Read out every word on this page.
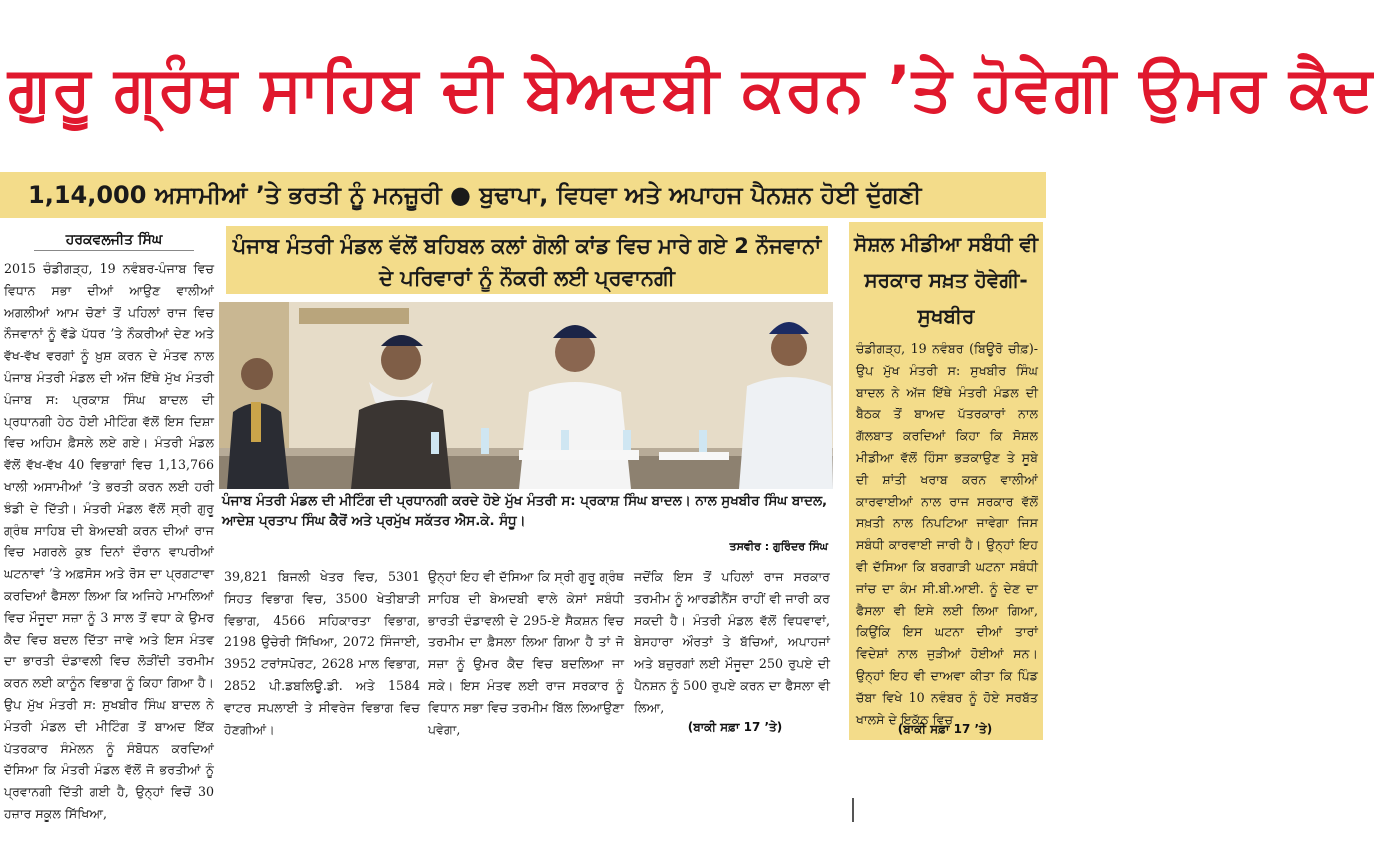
ਗੁਰੂ ਗ੍ਰੰਥ ਸਾਹਿਬ ਦੀ ਬੇਅਦਬੀ ਕਰਨ ’ਤੇ ਹੋਵੇਗੀ ਉਮਰ ਕੈਦ
1,14,000 ਅਸਾਮੀਆਂ ’ਤੇ ਭਰਤੀ ਨੂੰ ਮਨਜ਼ੂਰੀ ● ਬੁਢਾਪਾ, ਵਿਧਵਾ ਅਤੇ ਅਪਾਹਜ ਪੈਨਸ਼ਨ ਹੋਈ ਦੁੱਗਣੀ
ਹਰਕਵਲਜੀਤ ਸਿੰਘ

2015 ਚੰਡੀਗੜ੍ਹ, 19 ਨਵੰਬਰ-ਪੰਜਾਬ ਵਿਚ ਵਿਧਾਨ ਸਭਾ ਦੀਆਂ ਆਉਣ ਵਾਲੀਆਂ ਅਗਲੀਆਂ ਆਮ ਚੋਣਾਂ ਤੋਂ ਪਹਿਲਾਂ ਰਾਜ ਵਿਚ ਨੌਜਵਾਨਾਂ ਨੂੰ ਵੱਡੇ ਪੱਧਰ ’ਤੇ ਨੌਕਰੀਆਂ ਦੇਣ ਅਤੇ ਵੱਖ-ਵੱਖ ਵਰਗਾਂ ਨੂੰ ਖ਼ੁਸ਼ ਕਰਨ ਦੇ ਮੰਤਵ ਨਾਲ ਪੰਜਾਬ ਮੰਤਰੀ ਮੰਡਲ ਦੀ ਅੱਜ ਇੱਥੇ ਮੁੱਖ ਮੰਤਰੀ ਪੰਜਾਬ ਸ: ਪ੍ਰਕਾਸ਼ ਸਿੰਘ ਬਾਦਲ ਦੀ ਪ੍ਰਧਾਨਗੀ ਹੇਠ ਹੋਈ ਮੀਟਿੰਗ ਵੱਲੋਂ ਇਸ ਦਿਸ਼ਾ ਵਿਚ ਅਹਿਮ ਫ਼ੈਸਲੇ ਲਏ ਗਏ। ਮੰਤਰੀ ਮੰਡਲ ਵੱਲੋਂ ਵੱਖ-ਵੱਖ 40 ਵਿਭਾਗਾਂ ਵਿਚ 1,13,766 ਖਾਲੀ ਅਸਾਮੀਆਂ ’ਤੇ ਭਰਤੀ ਕਰਨ ਲਈ ਹਰੀ ਝੰਡੀ ਦੇ ਦਿੱਤੀ। ਮੰਤਰੀ ਮੰਡਲ ਵੱਲੋਂ ਸ੍ਰੀ ਗੁਰੂ ਗ੍ਰੰਥ ਸਾਹਿਬ ਦੀ ਬੇਅਦਬੀ ਕਰਨ ਦੀਆਂ ਰਾਜ ਵਿਚ ਮਗਰਲੇ ਕੁਝ ਦਿਨਾਂ ਦੌਰਾਨ ਵਾਪਰੀਆਂ ਘਟਨਾਵਾਂ ’ਤੇ ਅਫ਼ਸੋਸ ਅਤੇ ਰੋਸ ਦਾ ਪ੍ਰਗਟਾਵਾ ਕਰਦਿਆਂ ਫੈਸਲਾ ਲਿਆ ਕਿ ਅਜਿਹੇ ਮਾਮਲਿਆਂ ਵਿਚ ਮੌਜੂਦਾ ਸਜ਼ਾ ਨੂੰ 3 ਸਾਲ ਤੋਂ ਵਧਾ ਕੇ ਉਮਰ ਕੈਦ ਵਿਚ ਬਦਲ ਦਿੱਤਾ ਜਾਵੇ ਅਤੇ ਇਸ ਮੰਤਵ ਦਾ ਭਾਰਤੀ ਦੰਡਾਵਲੀ ਵਿਚ ਲੋੜੀਂਦੀ ਤਰਮੀਮ ਕਰਨ ਲਈ ਕਾਨੂੰਨ ਵਿਭਾਗ ਨੂੰ ਕਿਹਾ ਗਿਆ ਹੈ। ਉਪ ਮੁੱਖ ਮੰਤਰੀ ਸ: ਸੁਖਬੀਰ ਸਿੰਘ ਬਾਦਲ ਨੇ ਮੰਤਰੀ ਮੰਡਲ ਦੀ ਮੀਟਿੰਗ ਤੋਂ ਬਾਅਦ ਇੱਕ ਪੱਤਰਕਾਰ ਸੰਮੇਲਨ ਨੂੰ ਸੰਬੋਧਨ ਕਰਦਿਆਂ ਦੱਸਿਆ ਕਿ ਮੰਤਰੀ ਮੰਡਲ ਵੱਲੋਂ ਜੋ ਭਰਤੀਆਂ ਨੂੰ ਪ੍ਰਵਾਨਗੀ ਦਿੱਤੀ ਗਈ ਹੈ, ਉਨ੍ਹਾਂ ਵਿਚੋਂ 30 ਹਜ਼ਾਰ ਸਕੂਲ ਸਿੱਖਿਆ,

ਪੰਜਾਬ ਮੰਤਰੀ ਮੰਡਲ ਵੱਲੋਂ ਬਹਿਬਲ ਕਲਾਂ ਗੋਲੀ ਕਾਂਡ ਵਿਚ ਮਾਰੇ ਗਏ 2 ਨੌਜਵਾਨਾਂ ਦੇ ਪਰਿਵਾਰਾਂ ਨੂੰ ਨੌਕਰੀ ਲਈ ਪ੍ਰਵਾਨਗੀ
ਪੰਜਾਬ ਮੰਤਰੀ ਮੰਡਲ ਦੀ ਮੀਟਿੰਗ ਦੀ ਪ੍ਰਧਾਨਗੀ ਕਰਦੇ ਹੋਏ ਮੁੱਖ ਮੰਤਰੀ ਸ: ਪ੍ਰਕਾਸ਼ ਸਿੰਘ ਬਾਦਲ। ਨਾਲ ਸੁਖਬੀਰ ਸਿੰਘ ਬਾਦਲ, ਆਦੇਸ਼ ਪ੍ਰਤਾਪ ਸਿੰਘ ਕੈਰੋਂ ਅਤੇ ਪ੍ਰਮੁੱਖ ਸਕੱਤਰ ਐਸ.ਕੇ. ਸੰਧੂ।
ਤਸਵੀਰ : ਗੁਰਿੰਦਰ ਸਿੰਘ

39,821 ਬਿਜਲੀ ਖੇਤਰ ਵਿਚ, 5301 ਸਿਹਤ ਵਿਭਾਗ ਵਿਚ, 3500 ਖੇਤੀਬਾੜੀ ਵਿਭਾਗ, 4566 ਸਹਿਕਾਰਤਾ ਵਿਭਾਗ, 2198 ਉਚੇਰੀ ਸਿੱਖਿਆ, 2072 ਸਿੰਜਾਈ, 3952 ਟਰਾਂਸਪੋਰਟ, 2628 ਮਾਲ ਵਿਭਾਗ, 2852 ਪੀ.ਡਬਲਿਊ.ਡੀ. ਅਤੇ 1584 ਵਾਟਰ ਸਪਲਾਈ ਤੇ ਸੀਵਰੇਜ ਵਿਭਾਗ ਵਿਚ ਹੋਣਗੀਆਂ।

ਉਨ੍ਹਾਂ ਇਹ ਵੀ ਦੱਸਿਆ ਕਿ ਸ੍ਰੀ ਗੁਰੂ ਗ੍ਰੰਥ ਸਾਹਿਬ ਦੀ ਬੇਅਦਬੀ ਵਾਲੇ ਕੇਸਾਂ ਸਬੰਧੀ ਭਾਰਤੀ ਦੰਡਾਵਲੀ ਦੇ 295-ਏ ਸੈਕਸ਼ਨ ਵਿਚ ਤਰਮੀਮ ਦਾ ਫ਼ੈਸਲਾ ਲਿਆ ਗਿਆ ਹੈ ਤਾਂ ਜੋ ਸਜ਼ਾ ਨੂੰ ਉਮਰ ਕੈਦ ਵਿਚ ਬਦਲਿਆ ਜਾ ਸਕੇ। ਇਸ ਮੰਤਵ ਲਈ ਰਾਜ ਸਰਕਾਰ ਨੂੰ ਵਿਧਾਨ ਸਭਾ ਵਿਚ ਤਰਮੀਮ ਬਿੱਲ ਲਿਆਉਣਾ ਪਵੇਗਾ,

ਜਦੋਂਕਿ ਇਸ ਤੋਂ ਪਹਿਲਾਂ ਰਾਜ ਸਰਕਾਰ ਤਰਮੀਮ ਨੂੰ ਆਰਡੀਨੈਂਸ ਰਾਹੀਂ ਵੀ ਜਾਰੀ ਕਰ ਸਕਦੀ ਹੈ। ਮੰਤਰੀ ਮੰਡਲ ਵੱਲੋਂ ਵਿਧਵਾਵਾਂ, ਬੇਸਹਾਰਾ ਔਰਤਾਂ ਤੇ ਬੱਚਿਆਂ, ਅਪਾਹਜਾਂ ਅਤੇ ਬਜ਼ੁਰਗਾਂ ਲਈ ਮੌਜੂਦਾ 250 ਰੁਪਏ ਦੀ ਪੈਨਸ਼ਨ ਨੂੰ 500 ਰੁਪਏ ਕਰਨ ਦਾ ਫੈਸਲਾ ਵੀ ਲਿਆ,

(ਬਾਕੀ ਸਫ਼ਾ 17 ’ਤੇ)
ਸੋਸ਼ਲ ਮੀਡੀਆ ਸਬੰਧੀ ਵੀ ਸਰਕਾਰ ਸਖ਼ਤ ਹੋਵੇਗੀ-ਸੁਖਬੀਰ

ਚੰਡੀਗੜ੍ਹ, 19 ਨਵੰਬਰ (ਬਿਊਰੋ ਚੀਫ਼)-ਉਪ ਮੁੱਖ ਮੰਤਰੀ ਸ: ਸੁਖਬੀਰ ਸਿੰਘ ਬਾਦਲ ਨੇ ਅੱਜ ਇੱਥੇ ਮੰਤਰੀ ਮੰਡਲ ਦੀ ਬੈਠਕ ਤੋਂ ਬਾਅਦ ਪੱਤਰਕਾਰਾਂ ਨਾਲ ਗੱਲਬਾਤ ਕਰਦਿਆਂ ਕਿਹਾ ਕਿ ਸੋਸ਼ਲ ਮੀਡੀਆ ਵੱਲੋਂ ਹਿੰਸਾ ਭੜਕਾਉਣ ਤੇ ਸੂਬੇ ਦੀ ਸ਼ਾਂਤੀ ਖਰਾਬ ਕਰਨ ਵਾਲੀਆਂ ਕਾਰਵਾਈਆਂ ਨਾਲ ਰਾਜ ਸਰਕਾਰ ਵੱਲੋਂ ਸਖ਼ਤੀ ਨਾਲ ਨਿਪਟਿਆ ਜਾਵੇਗਾ ਜਿਸ ਸਬੰਧੀ ਕਾਰਵਾਈ ਜਾਰੀ ਹੈ। ਉਨ੍ਹਾਂ ਇਹ ਵੀ ਦੱਸਿਆ ਕਿ ਬਰਗਾੜੀ ਘਟਨਾ ਸਬੰਧੀ ਜਾਂਚ ਦਾ ਕੰਮ ਸੀ.ਬੀ.ਆਈ. ਨੂੰ ਦੇਣ ਦਾ ਫੈਸਲਾ ਵੀ ਇਸੇ ਲਈ ਲਿਆ ਗਿਆ, ਕਿਉਂਕਿ ਇਸ ਘਟਨਾ ਦੀਆਂ ਤਾਰਾਂ ਵਿਦੇਸ਼ਾਂ ਨਾਲ ਜੁੜੀਆਂ ਹੋਈਆਂ ਸਨ। ਉਨ੍ਹਾਂ ਇਹ ਵੀ ਦਾਅਵਾ ਕੀਤਾ ਕਿ ਪਿੰਡ ਚੱਬਾ ਵਿਖੇ 10 ਨਵੰਬਰ ਨੂੰ ਹੋਏ ਸਰਬੱਤ ਖਾਲਸੇ ਦੇ ਇਕੱਠ ਵਿਚ

(ਬਾਕੀ ਸਫ਼ਾ 17 ’ਤੇ)
